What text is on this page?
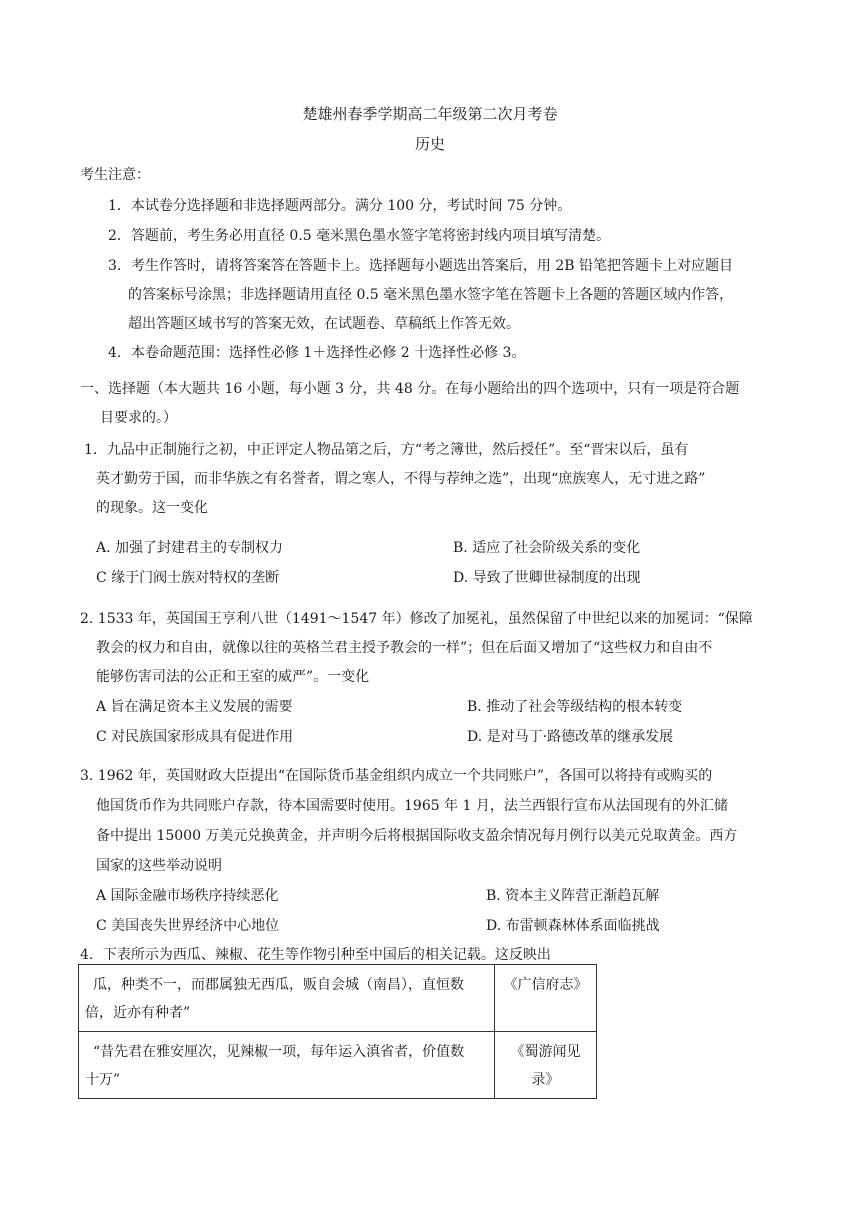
楚雄州春季学期高二年级第二次月考卷
历史
考生注意：
1．本试卷分选择题和非选择题两部分。满分 100 分，考试时间 75 分钟。
2．答题前，考生务必用直径 0.5 毫米黑色墨水签字笔将密封线内项目填写清楚。
3．考生作答时，请将答案答在答题卡上。选择题每小题选出答案后，用 2B 铅笔把答题卡上对应题目
的答案标号涂黑；非选择题请用直径 0.5 毫米黑色墨水签字笔在答题卡上各题的答题区域内作答，
超出答题区域书写的答案无效，在试题卷、草稿纸上作答无效。
4．本卷命题范围：选择性必修 1＋选择性必修 2 十选择性必修 3。
一、选择题（本大题共 16 小题，每小题 3 分，共 48 分。在每小题给出的四个选项中，只有一项是符合题
目要求的。）
1．九品中正制施行之初，中正评定人物品第之后，方“考之簿世，然后授任”。至“晋宋以后，虽有
英才勤劳于国，而非华族之有名誉者，谓之寒人，不得与荐绅之选”，出现“庶族寒人，无寸进之路”
的现象。这一变化
A. 加强了封建君主的专制权力	B. 适应了社会阶级关系的变化
C 缘于门阀士族对特权的垄断	D. 导致了世卿世禄制度的出现
2. 1533 年，英国国王亨利八世（1491～1547 年）修改了加冕礼，虽然保留了中世纪以来的加冕词：“保障
教会的权力和自由，就像以往的英格兰君主授予教会的一样”；但在后面又增加了“这些权力和自由不
能够伤害司法的公正和王室的威严”。一变化
A 旨在满足资本主义发展的需要	B. 推动了社会等级结构的根本转变
C 对民族国家形成具有促进作用	D. 是对马丁·路德改革的继承发展
3. 1962 年，英国财政大臣提出“在国际货币基金组织内成立一个共同账户”，各国可以将持有或购买的
他国货币作为共同账户存款，待本国需要时使用。1965 年 1 月，法兰西银行宣布从法国现有的外汇储
备中提出 15000 万美元兑换黄金，并声明今后将根据国际收支盈余情况每月例行以美元兑取黄金。西方
国家的这些举动说明
A 国际金融市场秩序持续恶化	B. 资本主义阵营正渐趋瓦解
C 美国丧失世界经济中心地位	D. 布雷顿森林体系面临挑战
4．下表所示为西瓜、辣椒、花生等作物引种至中国后的相关记载。这反映出
瓜，种类不一，而郡属独无西瓜，贩自会城（南昌），直恒数
倍，近亦有种者”	《广信府志》

“昔先君在雅安厘次，见辣椒一项，每年运入滇省者，价值数
十万”	《蜀游闻见
录》
